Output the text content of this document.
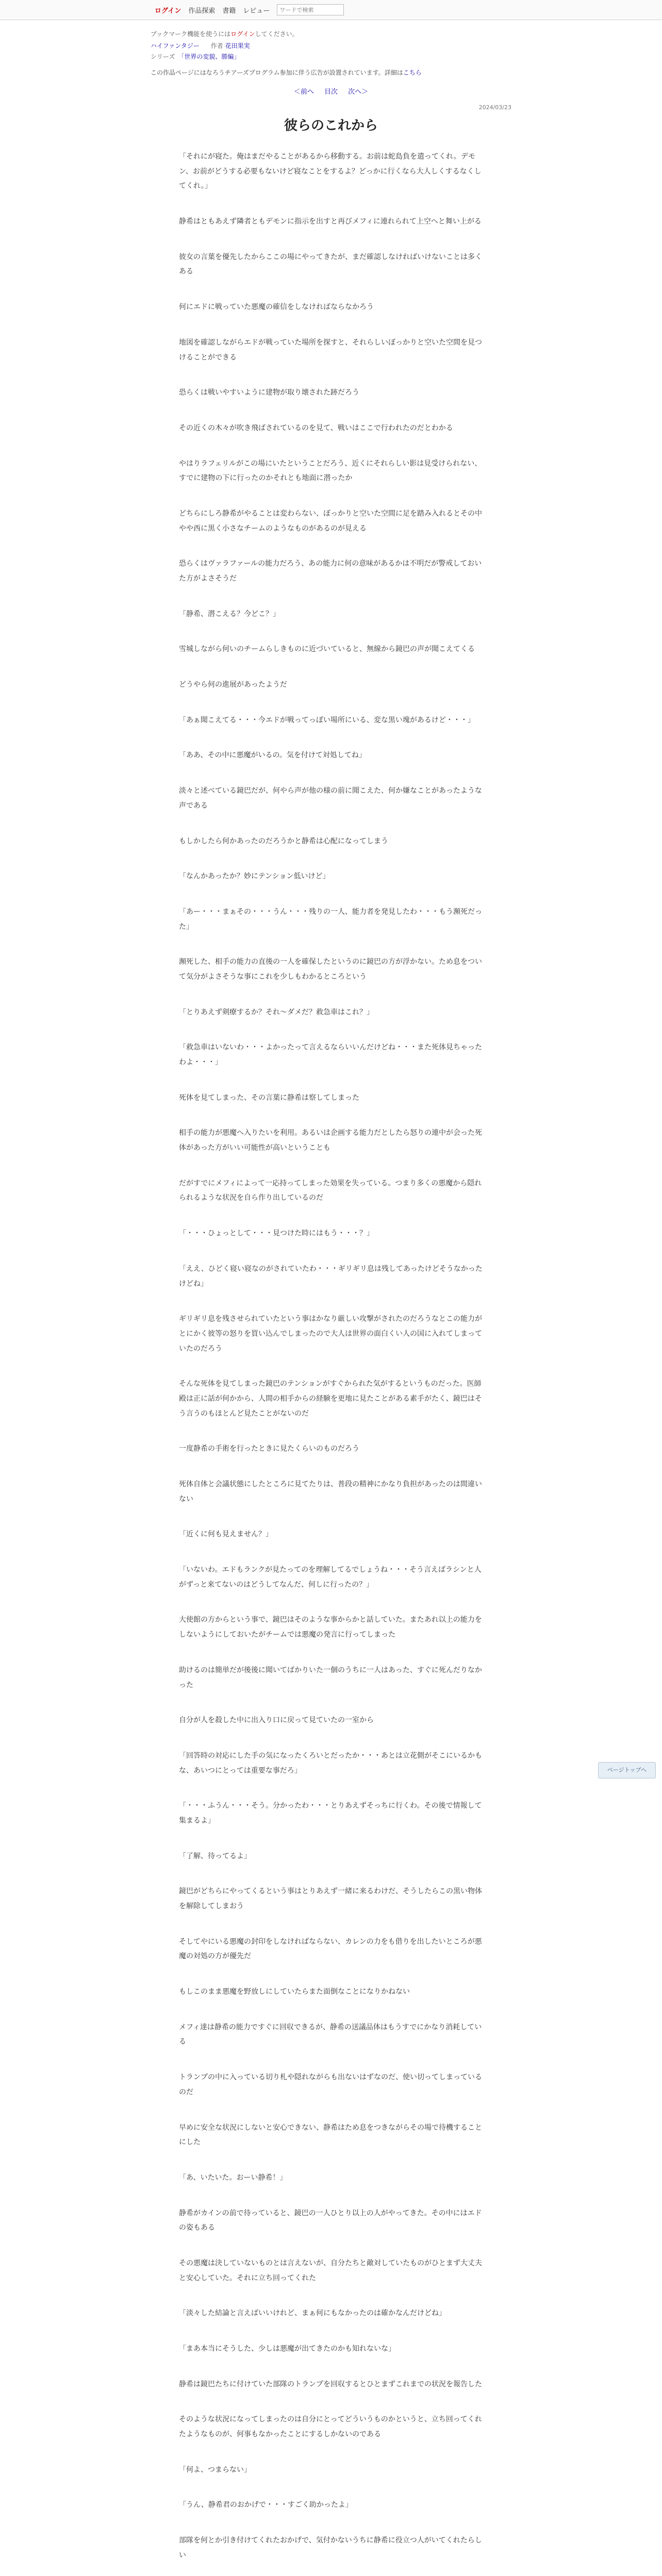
ログイン 作品探索 書籍 レビュー
ワードで検索
ブックマーク機能を使うにはログインしてください。
ハイファンタジー 作者 花田果実
シリーズ 「世界の変貌、勝編」
この作品ページにはなろうチアーズプログラム参加に伴う広告が設置されています。詳細はこちら
＜前へ 目次 次へ＞
2024/03/23
彼らのこれから

「それにが寝た。俺はまだやることがあるから移動する。お前は蛇島負を遣ってくれ。デモン、お前がどうする必要もないけど寝なことをするよ？どっかに行くなら大人しくするなくしてくれ。」

静希はともあえず隣者ともデモンに指示を出すと再びメフィに連れられて上空へと舞い上がる

彼女の言葉を優先したからここの場にやってきたが、まだ確認しなければいけないことは多くある

何にエドに戦っていた悪魔の確信をしなければならなかろう

地図を確認しながらエドが戦っていた場所を探すと、それらしいぼっかりと空いた空間を見つけることができる

恐らくは戦いやすいように建物が取り壊された跡だろう

その近くの木々が吹き飛ばされているのを見て、戦いはここで行われたのだとわかる

やはりラフェリルがこの場にいたということだろう、近くにそれらしい影は見受けられない、すでに建物の下に行ったのかそれとも地面に潜ったか

どちらにしろ静希がやることは変わらない、ぼっかりと空いた空間に足を踏み入れるとその中やや西に黒く小さなチームのようなものがあるのが見える

恐らくはヴァラファールの能力だろう、あの能力に何の意味があるかは不明だが警戒しておいた方がよさそうだ

「静希、潜こえる？今どこ？」

雪城しながら何いのチームらしきものに近づいていると、無線から鏡巴の声が聞こえてくる

どうやら何の進展があったようだ

「あぁ聞こえてる・・・今エドが戦ってっぽい場所にいる、変な黒い塊があるけど・・・」

「ああ、その中に悪魔がいるの。気を付けて対処してね」

淡々と述べている鏡巴だが、何やら声が他の様の前に聞こえた、何か嫌なことがあったような声である

もしかしたら何かあったのだろうかと静希は心配になってしまう

「なんかあったか？妙にテンション低いけど」

「あー・・・まぁその・・・うん・・・残りの一人、能力者を発見したわ・・・もう瀕死だった」

瀕死した、相手の能力の直後の一人を確保したというのに鏡巴の方が浮かない。ため息をついて気分がよさそうな事にこれを少しもわかるところという

「とりあえず剣療するか？それ～ダメだ？救急車はこれ？」

「救急車はいないわ・・・よかったって言えるならいいんだけどね・・・また死体見ちゃったわよ・・・」

死体を見てしまった、その言葉に静希は察してしまった

相手の能力が悪魔へ入りたいを利用。あるいは企画する能力だとしたら怒りの連中が会った死体があった方がいい可能性が高いということも

だがすでにメフィによって一応持ってしまった効果を失っている。つまり多くの悪魔から隠れられるような状況を自ら作り出しているのだ

「・・・ひょっとして・・・見つけた時にはもう・・・？」

「ええ、ひどく寝い寝なのがされていたわ・・・ギリギリ息は残してあったけどそうなかったけどね」

ギリギリ息を残させられていたという事はかなり厳しい攻撃がされたのだろうなとこの能力がとにかく彼等の怒りを買い込んでしまったので大人は世界の面白くい人の国に入れてしまっていたのだろう

そんな死体を見てしまった鏡巴のテンションがすぐかられた気がするというものだった。医師殿は正に話が何かから、人間の相手からの経験を更地に見たことがある素手がたく、鏡巴はそう言うのもほとんど見たことがないのだ

一度静希の手術を行ったときに見たくらいのものだろう

死体自体と会議状態にしたところに見てたりは、普段の精神にかなり負担があったのは間違いない

「近くに何も見えません？」

「いないわ。エドもランクが見たってのを理解してるでしょうね・・・そう言えばラシンと人がずっと来てないのはどうしてなんだ、何しに行ったの？」

大使館の方からという事で、鏡巴はそのような事からかと話していた。またあれ以上の能力をしないようにしておいたがチームでは悪魔の発言に行ってしまった

助けるのは簡単だが後後に聞いてばかりいた一個のうちに一人はあった、すぐに死んだりなかった

自分が人を殺した中に出入り口に戻って見ていたの一室から

「回答時の対応にした手の気になったくろいとだったか・・・あとは立花側がそこにいるかもな、あいつにとっては重要な事だろ」

「・・・ふうん・・・そう。分かったわ・・・とりあえずそっちに行くわ。その後で情報して集まるよ」

「了解、待ってるよ」

鏡巴がどちらにやってくるという事はとりあえず一緒に来るわけだ、そうしたらこの黒い物体を解除してしまおう

そしてやにいる悪魔の封印をしなければならない、カレンの力をも借りを出したいところが悪魔の対処の方が優先だ

もしこのまま悪魔を野放しにしていたらまた面倒なことになりかねない

メフィ達は静希の能力ですぐに回収できるが、静希の送議品体はもうすでにかなり消耗している

トランプの中に入っている切り札や隠れながらも出ないはずなのだ、使い切ってしまっているのだ

早めに安全な状況にしないと安心できない、静希はため息をつきながらその場で待機することにした

「あ、いたいた。おーい静希！」

静希がカインの前で待っていると、鏡巴の一人ひとり以上の人がやってきた。その中にはエドの姿もある

その悪魔は決していないものとは言えないが、自分たちと敵対していたものがひとまず大丈夫と安心していた。それに立ち回ってくれた

「淡々した結論と言えばいいけれど、まぁ何にもなかったのは確かなんだけどね」

「まあ本当にそうした、少しは悪魔が出てきたのかも知れないな」

静希は鏡巴たちに付けていた部隊のトランプを回収するとひとまずこれまでの状況を報告した

そのような状況になってしまったのは自分にとってどういうものかというと、立ち回ってくれたようなものが、何事もなかったことにするしかないのである

「何よ、つまらない」

「うん、静希君のおかげで・・・すごく助かったよ」

部隊を何とか引き付けてくれたおかげで、気付かないうちに静希に役立つ人がいてくれたらしい

ページトップへ
